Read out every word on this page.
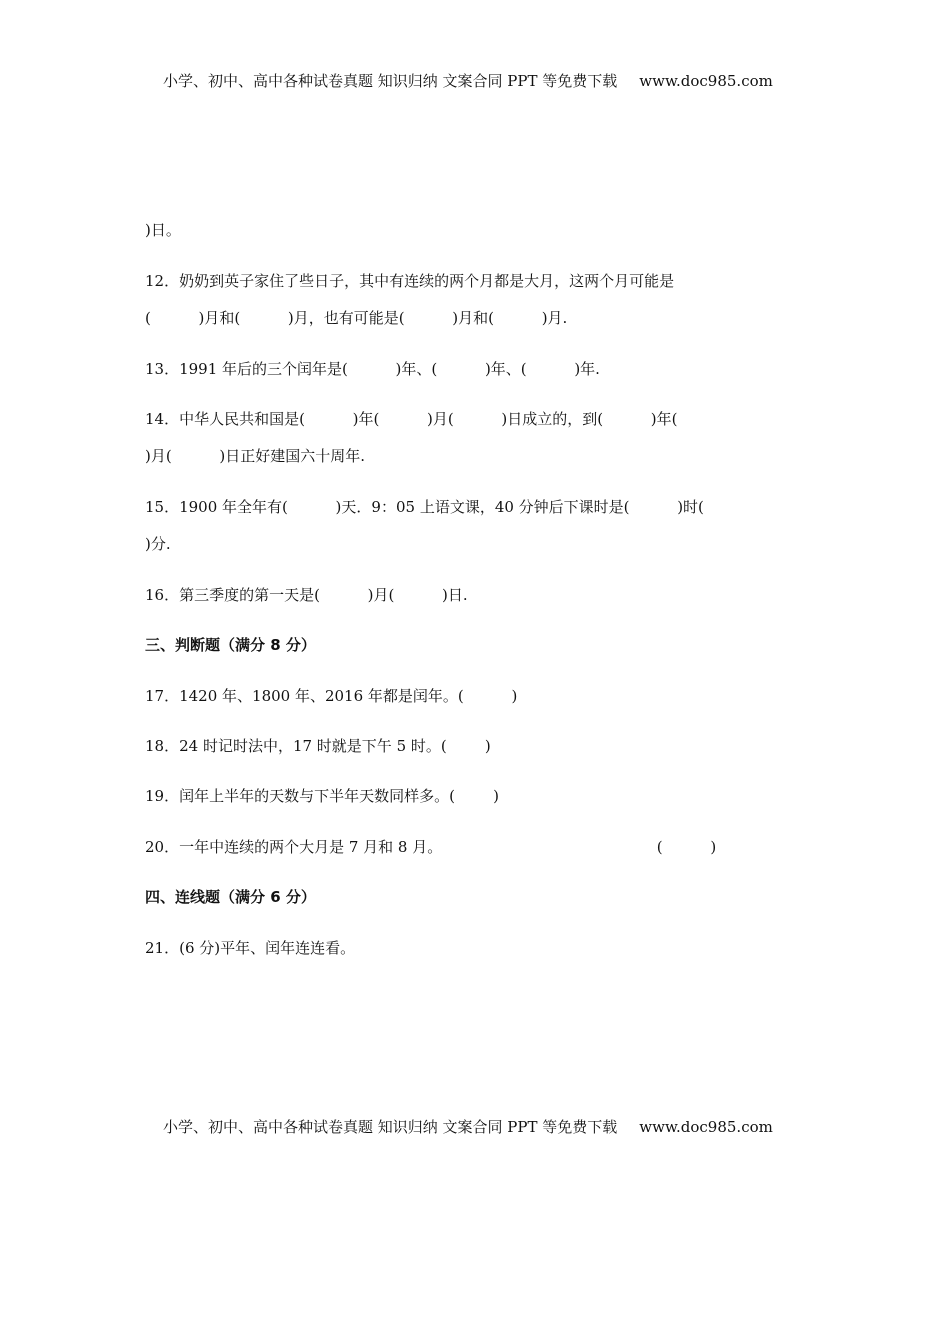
小学、初中、高中各种试卷真题 知识归纳 文案合同 PPT 等免费下载 www.doc985.com
)日。
12．奶奶到英子家住了些日子，其中有连续的两个月都是大月，这两个月可能是
(          )月和(          )月，也有可能是(          )月和(          )月.
13．1991 年后的三个闰年是(          )年、(          )年、(          )年.
14．中华人民共和国是(          )年(          )月(          )日成立的，到(          )年(
)月(          )日正好建国六十周年.
15．1900 年全年有(          )天．9：05 上语文课，40 分钟后下课时是(          )时(
)分.
16．第三季度的第一天是(          )月(          )日.
三、判断题（满分 8 分）
17．1420 年、1800 年、2016 年都是闰年。(          )
18．24 时记时法中，17 时就是下午 5 时。(        )
19．闰年上半年的天数与下半年天数同样多。(        )
20．一年中连续的两个大月是 7 月和 8 月。                                             (          )
四、连线题（满分 6 分）
21．(6 分)平年、闰年连连看。
小学、初中、高中各种试卷真题 知识归纳 文案合同 PPT 等免费下载 www.doc985.com
